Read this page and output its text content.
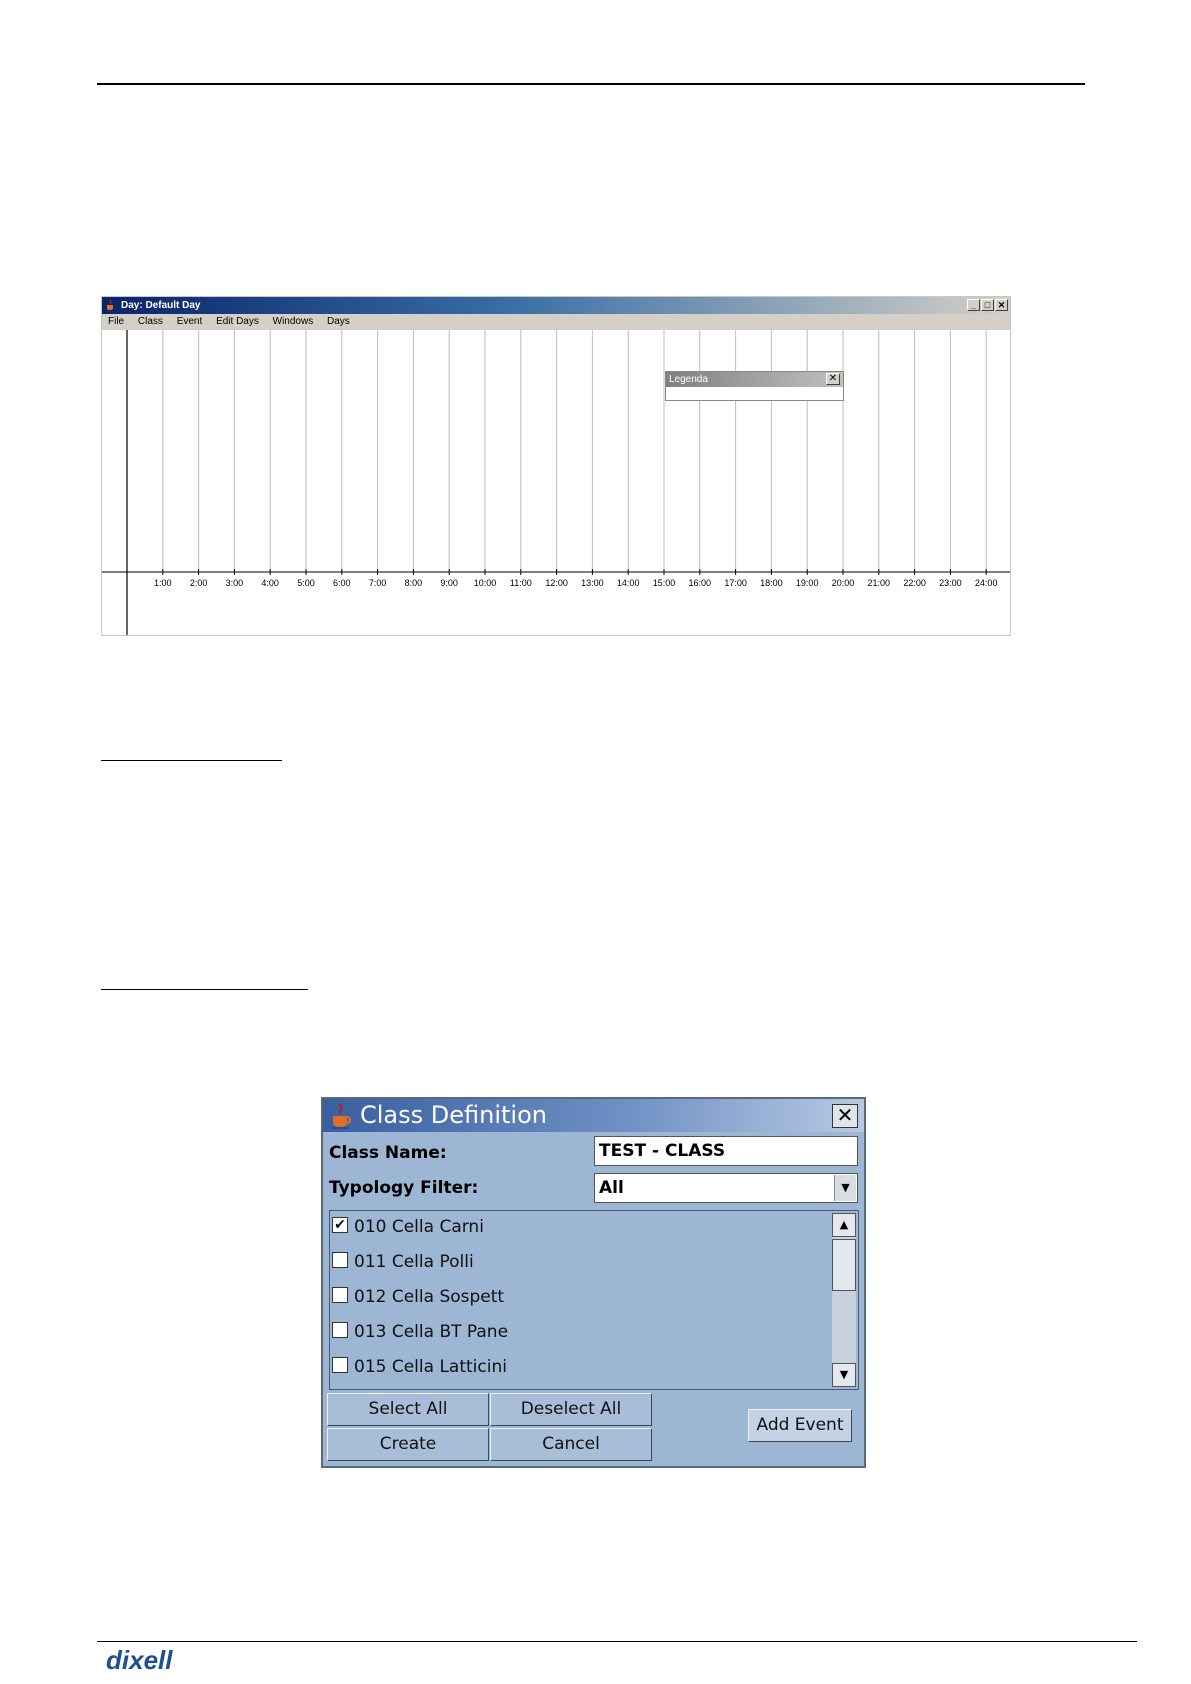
Day: Default Day	_ □ ✕
File Class Event Edit Days Windows Days
1:00 2:00 3:00 4:00 5:00 6:00 7:00 8:00 9:00 10:00 11:00 12:00 13:00 14:00 15:00 16:00 17:00 18:00 19:00 20:00 21:00 22:00 23:00 24:00
Legenda	✕
Class Definition	✕
Class Name:	TEST - CLASS
Typology Filter:	All	▼
✔ 010 Cella Carni
011 Cella Polli
012 Cella Sospett
013 Cella BT Pane
015 Cella Latticini
▲
▼
Select All	Deselect All
Create	Cancel
Add Event
dixell
